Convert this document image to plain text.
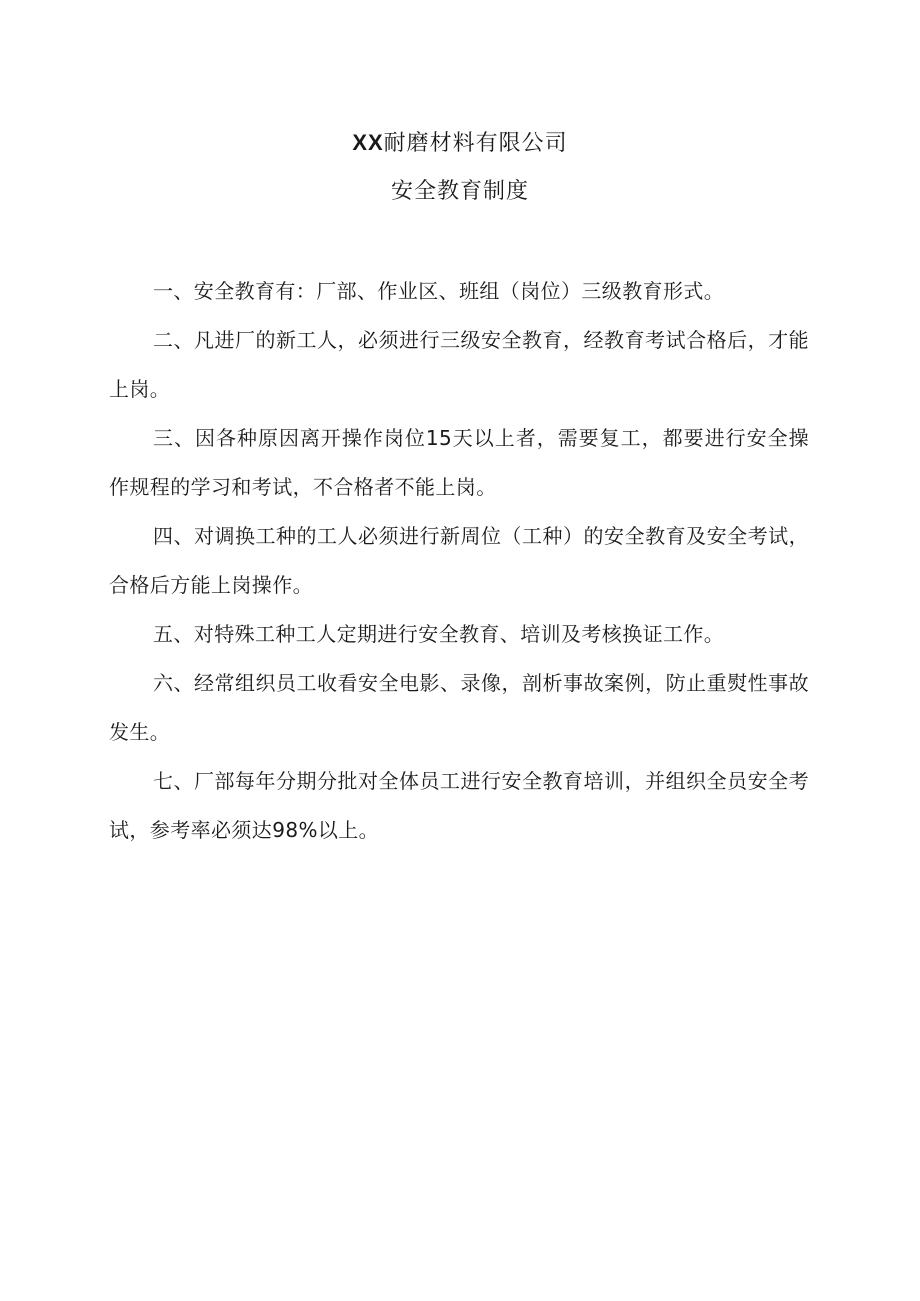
XX耐磨材料有限公司
安全教育制度

一、安全教育有：厂部、作业区、班组（岗位）三级教育形式。

二、凡进厂的新工人，必须进行三级安全教育，经教育考试合格后，才能上岗。

三、因各种原因离开操作岗位15天以上者，需要复工，都要进行安全操作规程的学习和考试，不合格者不能上岗。

四、对调换工种的工人必须进行新周位（工种）的安全教育及安全考试，合格后方能上岗操作。

五、对特殊工种工人定期进行安全教育、培训及考核换证工作。

六、经常组织员工收看安全电影、录像，剖析事故案例，防止重熨性事故发生。

七、厂部每年分期分批对全体员工进行安全教育培训，并组织全员安全考试，参考率必须达98%以上。
